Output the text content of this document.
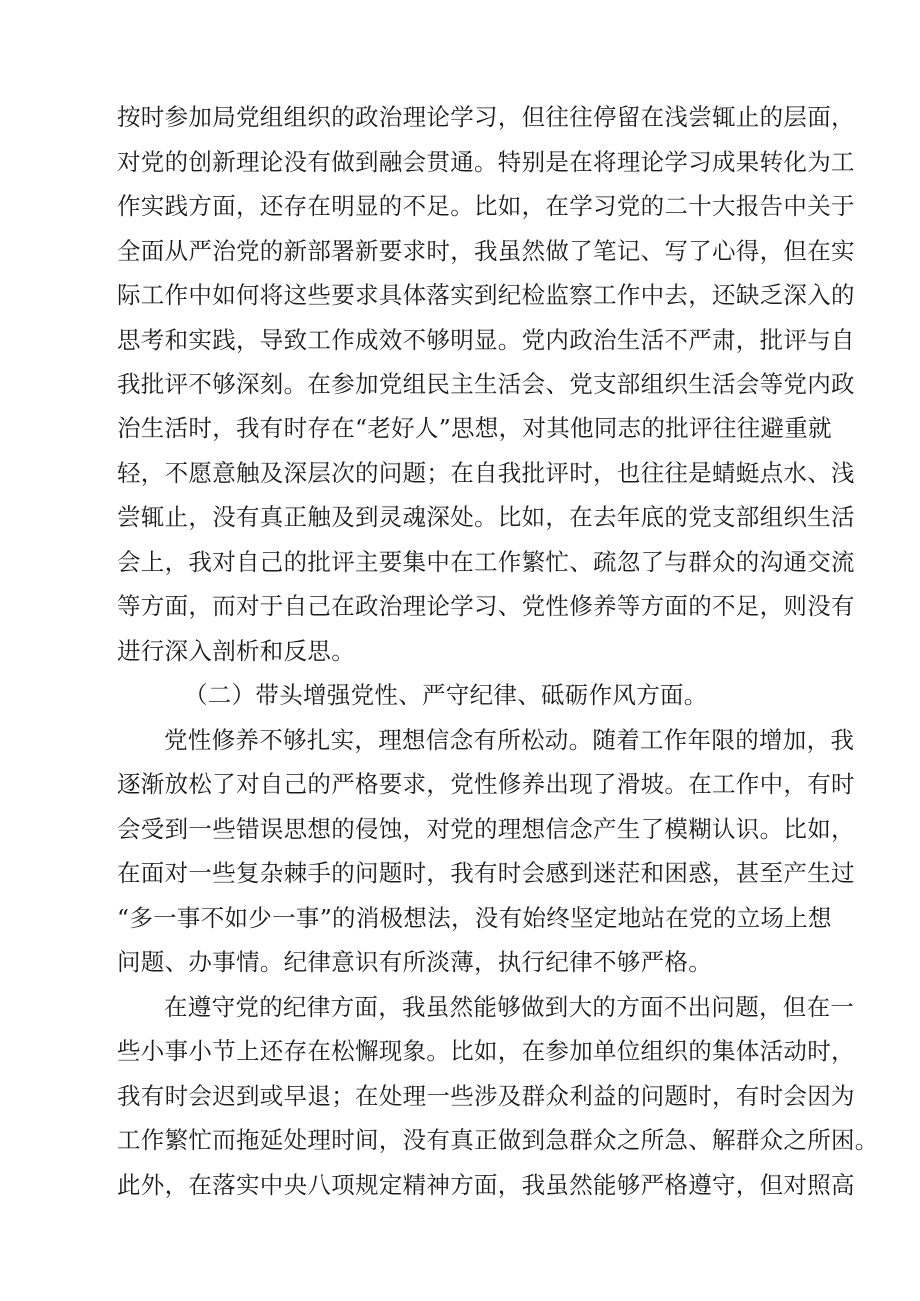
按时参加局党组组织的政治理论学习，但往往停留在浅尝辄止的层面，
对党的创新理论没有做到融会贯通。特别是在将理论学习成果转化为工
作实践方面，还存在明显的不足。比如，在学习党的二十大报告中关于
全面从严治党的新部署新要求时，我虽然做了笔记、写了心得，但在实
际工作中如何将这些要求具体落实到纪检监察工作中去，还缺乏深入的
思考和实践，导致工作成效不够明显。党内政治生活不严肃，批评与自
我批评不够深刻。在参加党组民主生活会、党支部组织生活会等党内政
治生活时，我有时存在“老好人”思想，对其他同志的批评往往避重就
轻，不愿意触及深层次的问题；在自我批评时，也往往是蜻蜓点水、浅
尝辄止，没有真正触及到灵魂深处。比如，在去年底的党支部组织生活
会上，我对自己的批评主要集中在工作繁忙、疏忽了与群众的沟通交流
等方面，而对于自己在政治理论学习、党性修养等方面的不足，则没有
进行深入剖析和反思。
（二）带头增强党性、严守纪律、砥砺作风方面。
党性修养不够扎实，理想信念有所松动。随着工作年限的增加，我
逐渐放松了对自己的严格要求，党性修养出现了滑坡。在工作中，有时
会受到一些错误思想的侵蚀，对党的理想信念产生了模糊认识。比如，
在面对一些复杂棘手的问题时，我有时会感到迷茫和困惑，甚至产生过
“多一事不如少一事”的消极想法，没有始终坚定地站在党的立场上想
问题、办事情。纪律意识有所淡薄，执行纪律不够严格。
在遵守党的纪律方面，我虽然能够做到大的方面不出问题，但在一
些小事小节上还存在松懈现象。比如，在参加单位组织的集体活动时，
我有时会迟到或早退；在处理一些涉及群众利益的问题时，有时会因为
工作繁忙而拖延处理时间，没有真正做到急群众之所急、解群众之所困。
此外，在落实中央八项规定精神方面，我虽然能够严格遵守，但对照高
